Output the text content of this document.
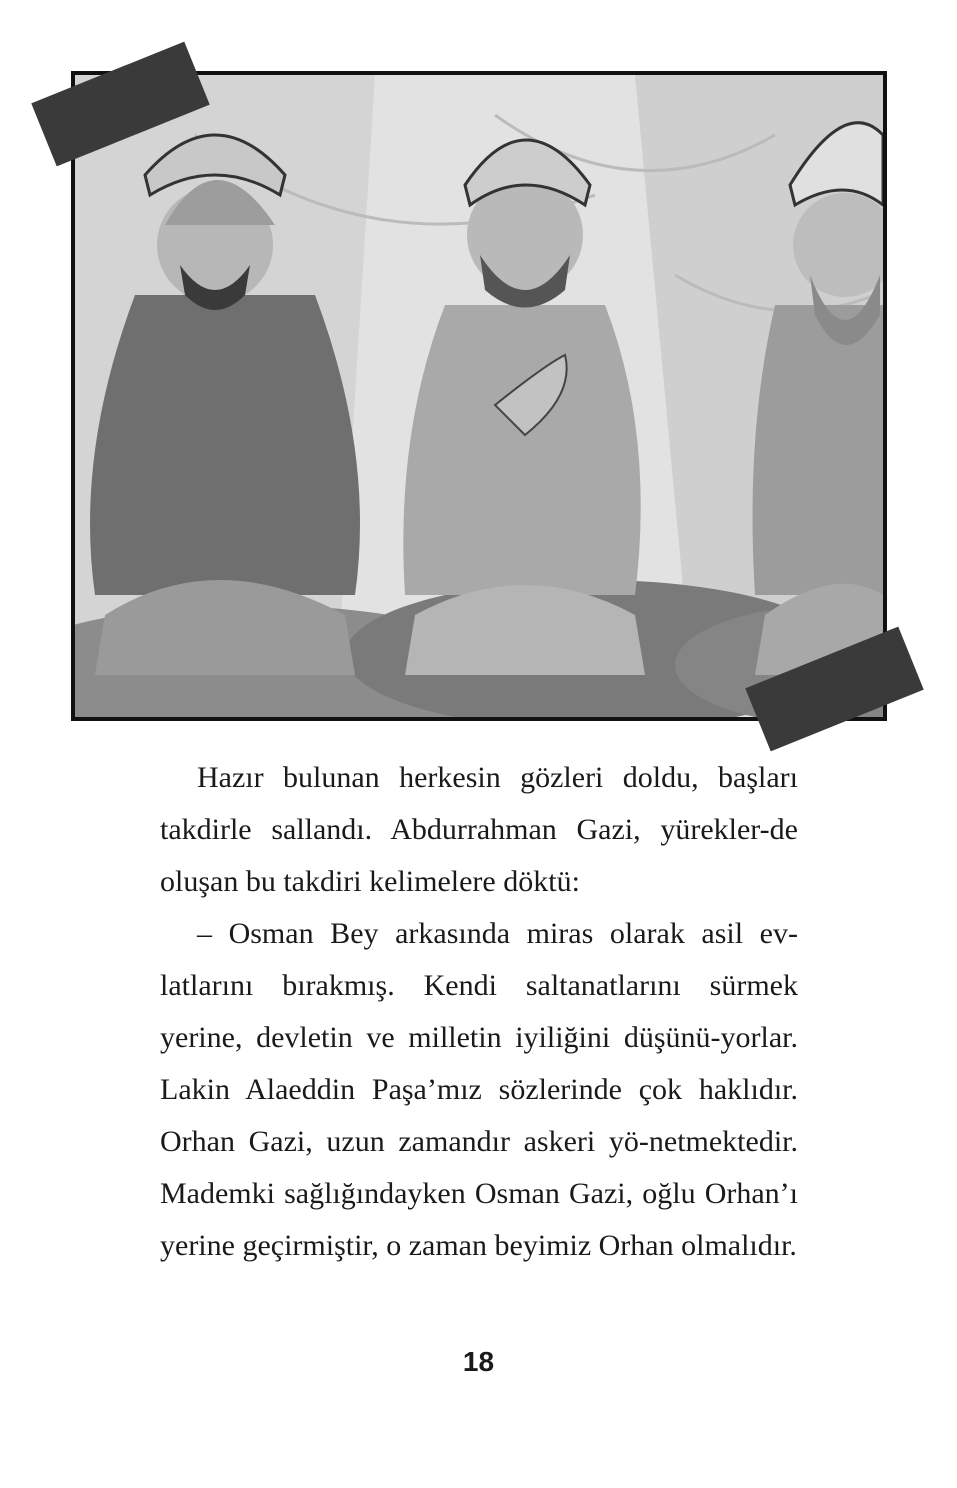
Hazır bulunan herkesin gözleri doldu, başları takdirle sallandı. Abdurrahman Gazi, yürekler-de oluşan bu takdiri kelimelere döktü:

– Osman Bey arkasında miras olarak asil ev-latlarını bırakmış. Kendi saltanatlarını sürmek yerine, devletin ve milletin iyiliğini düşünü-yorlar. Lakin Alaeddin Paşa’mız sözlerinde çok haklıdır. Orhan Gazi, uzun zamandır askeri yö-netmektedir. Mademki sağlığındayken Osman Gazi, oğlu Orhan’ı yerine geçirmiştir, o zaman beyimiz Orhan olmalıdır.

18
